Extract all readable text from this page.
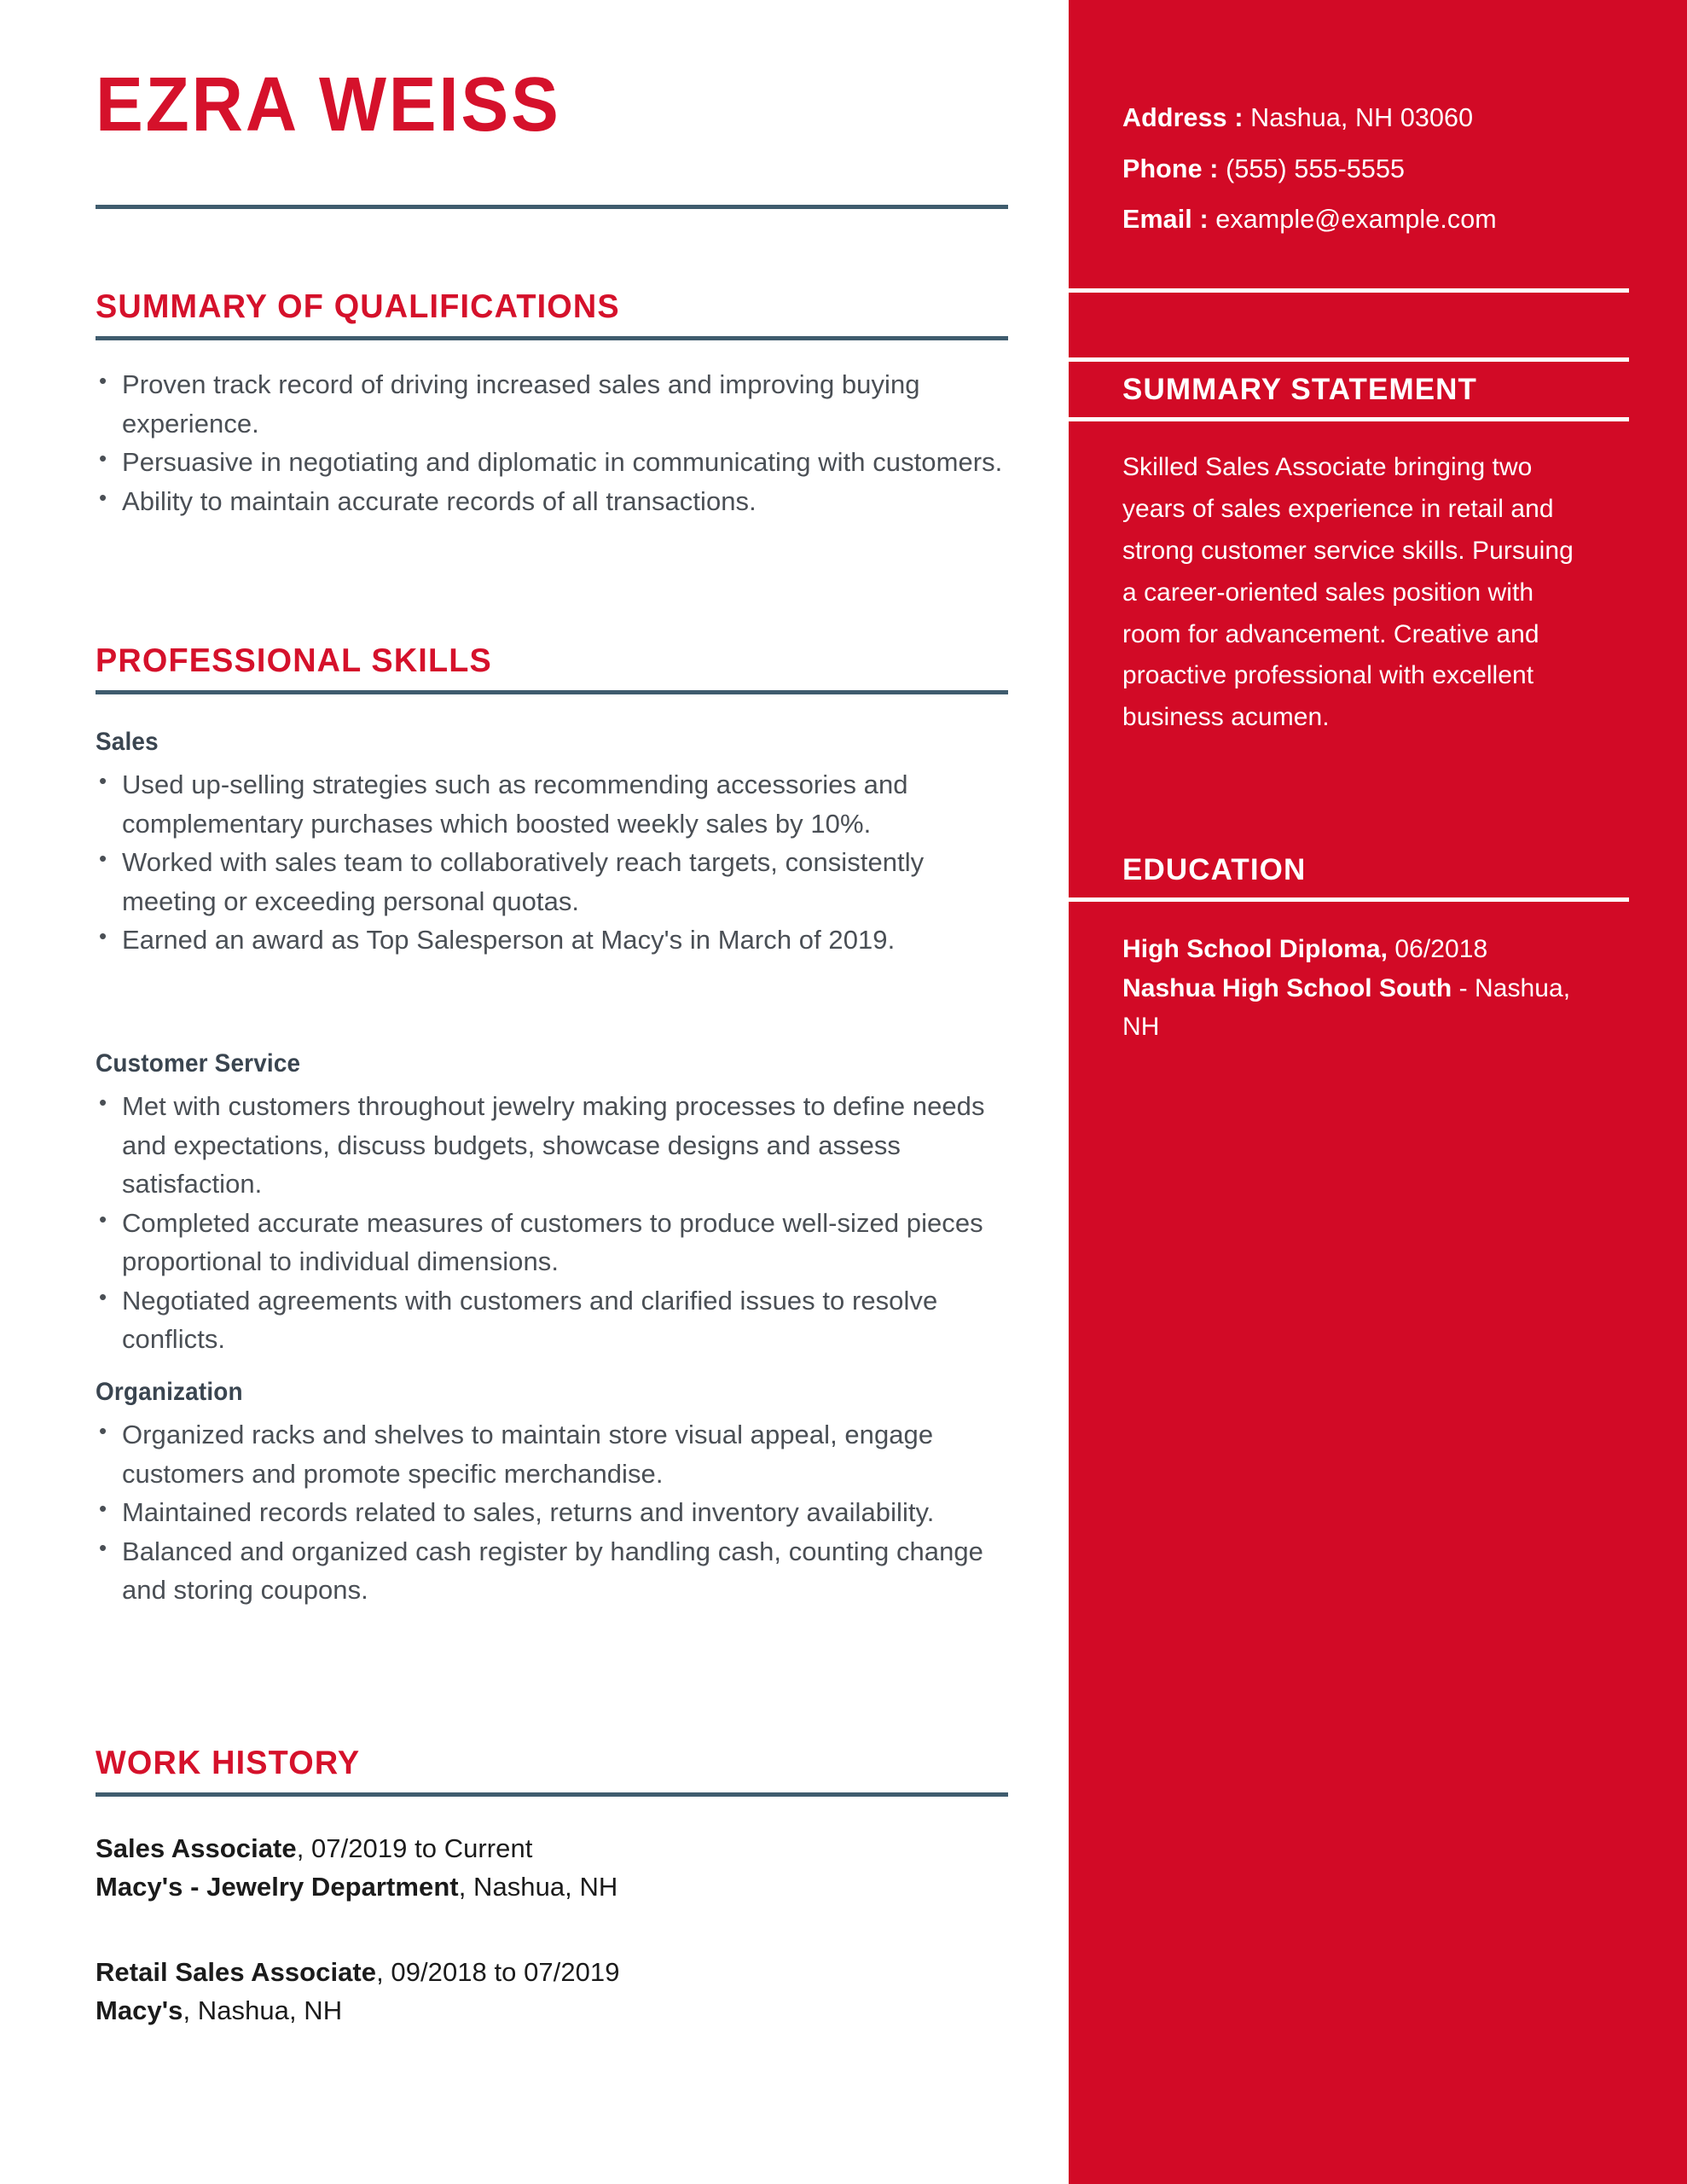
Address : Nashua, NH 03060
Phone : (555) 555-5555
Email : example@example.com
SUMMARY STATEMENT

Skilled Sales Associate bringing two years of sales experience in retail and strong customer service skills. Pursuing a career-oriented sales position with room for advancement. Creative and proactive professional with excellent business acumen.

EDUCATION
High School Diploma, 06/2018
Nashua High School South - Nashua, NH
EZRA WEISS
SUMMARY OF QUALIFICATIONS
• Proven track record of driving increased sales and improving buying experience.
• Persuasive in negotiating and diplomatic in communicating with customers.
• Ability to maintain accurate records of all transactions.
PROFESSIONAL SKILLS
Sales
• Used up-selling strategies such as recommending accessories and complementary purchases which boosted weekly sales by 10%.
• Worked with sales team to collaboratively reach targets, consistently meeting or exceeding personal quotas.
• Earned an award as Top Salesperson at Macy's in March of 2019.
Customer Service
• Met with customers throughout jewelry making processes to define needs and expectations, discuss budgets, showcase designs and assess satisfaction.
• Completed accurate measures of customers to produce well-sized pieces proportional to individual dimensions.
• Negotiated agreements with customers and clarified issues to resolve conflicts.
Organization
• Organized racks and shelves to maintain store visual appeal, engage customers and promote specific merchandise.
• Maintained records related to sales, returns and inventory availability.
• Balanced and organized cash register by handling cash, counting change and storing coupons.
WORK HISTORY
Sales Associate, 07/2019 to Current
Macy's - Jewelry Department, Nashua, NH
Retail Sales Associate, 09/2018 to 07/2019
Macy's, Nashua, NH
